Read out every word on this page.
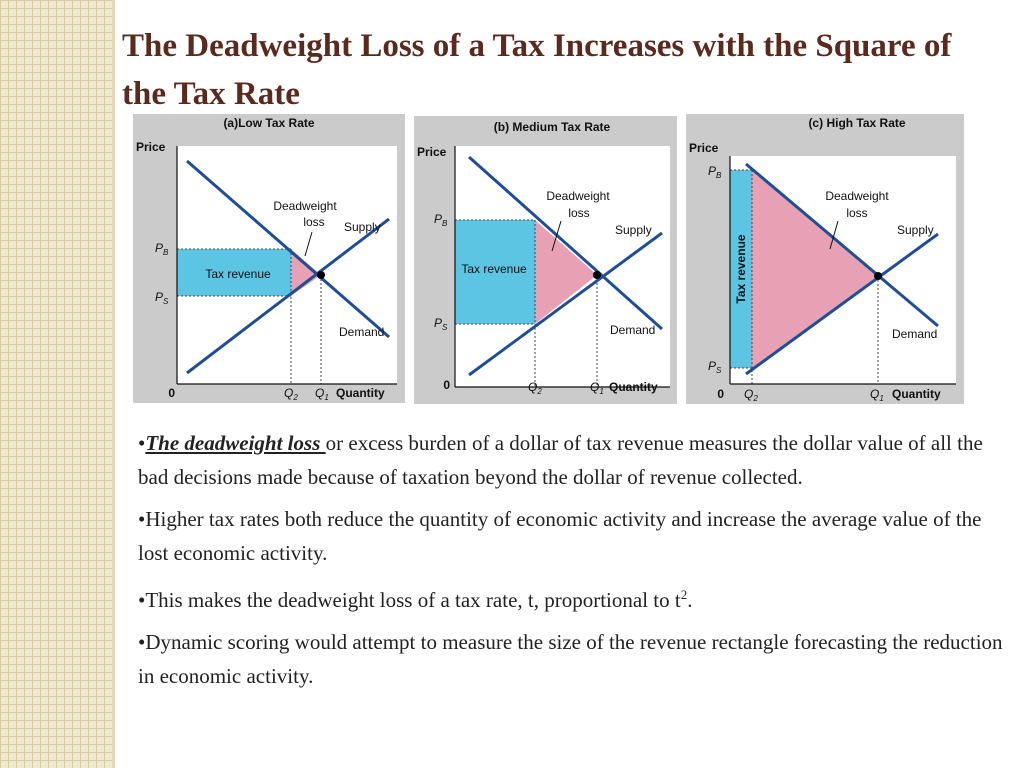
The Deadweight Loss of a Tax Increases with the Square of the Tax Rate
(a)Low Tax Rate
Price
0	Quantity
$P_B$
$P_S$
$Q_2$ $Q_1$
Tax revenue
Deadweight
loss Supply
Demand
(b) Medium Tax Rate
Price
0	Quantity
$P_B$
$P_S$
$Q_2$	$Q_1$
Tax revenue
Deadweight
loss
Supply
Demand
(c) High Tax Rate
Price
0	Quantity
$P_B$
$P_S$
$Q_2$	$Q_1$
Tax revenue
Deadweight
loss
Supply
Demand

•The deadweight loss or excess burden of a dollar of tax revenue measures the dollar value of all the bad decisions made because of taxation beyond the dollar of revenue collected.

•Higher tax rates both reduce the quantity of economic activity and increase the average value of the lost economic activity.

•This makes the deadweight loss of a tax rate, t, proportional to $t^2$.

•Dynamic scoring would attempt to measure the size of the revenue rectangle forecasting the reduction in economic activity.
